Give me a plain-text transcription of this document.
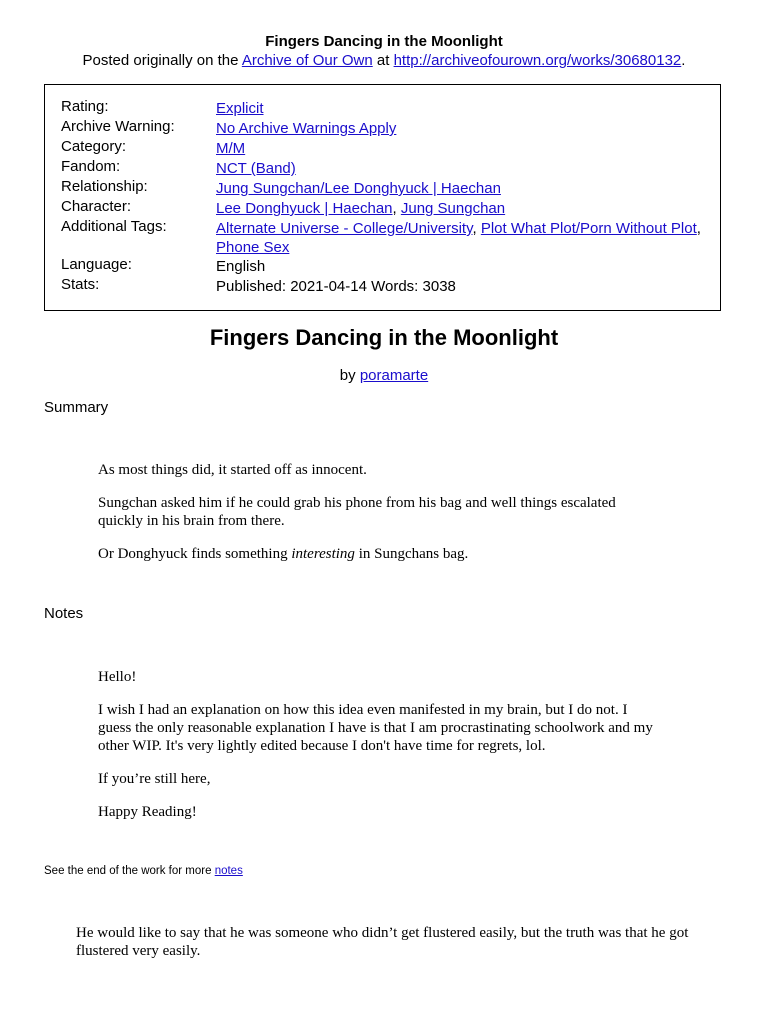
Fingers Dancing in the Moonlight
Posted originally on the Archive of Our Own at http://archiveofourown.org/works/30680132.
Rating:	Explicit
Archive Warning:	No Archive Warnings Apply
Category:	M/M
Fandom:	NCT (Band)
Relationship:	Jung Sungchan/Lee Donghyuck | Haechan
Character:	Lee Donghyuck | Haechan, Jung Sungchan
Additional Tags:	Alternate Universe - College/University, Plot What Plot/Porn Without Plot, Phone Sex
Language:	English
Stats:	Published: 2021-04-14 Words: 3038
Fingers Dancing in the Moonlight
by poramarte
Summary
As most things did, it started off as innocent.
Sungchan asked him if he could grab his phone from his bag and well things escalated quickly in his brain from there.
Or Donghyuck finds something interesting in Sungchans bag.
Notes
Hello!
I wish I had an explanation on how this idea even manifested in my brain, but I do not. I guess the only reasonable explanation I have is that I am procrastinating schoolwork and my other WIP. It's very lightly edited because I don't have time for regrets, lol.
If you’re still here,
Happy Reading!
See the end of the work for more notes
He would like to say that he was someone who didn’t get flustered easily, but the truth was that he got flustered very easily.
